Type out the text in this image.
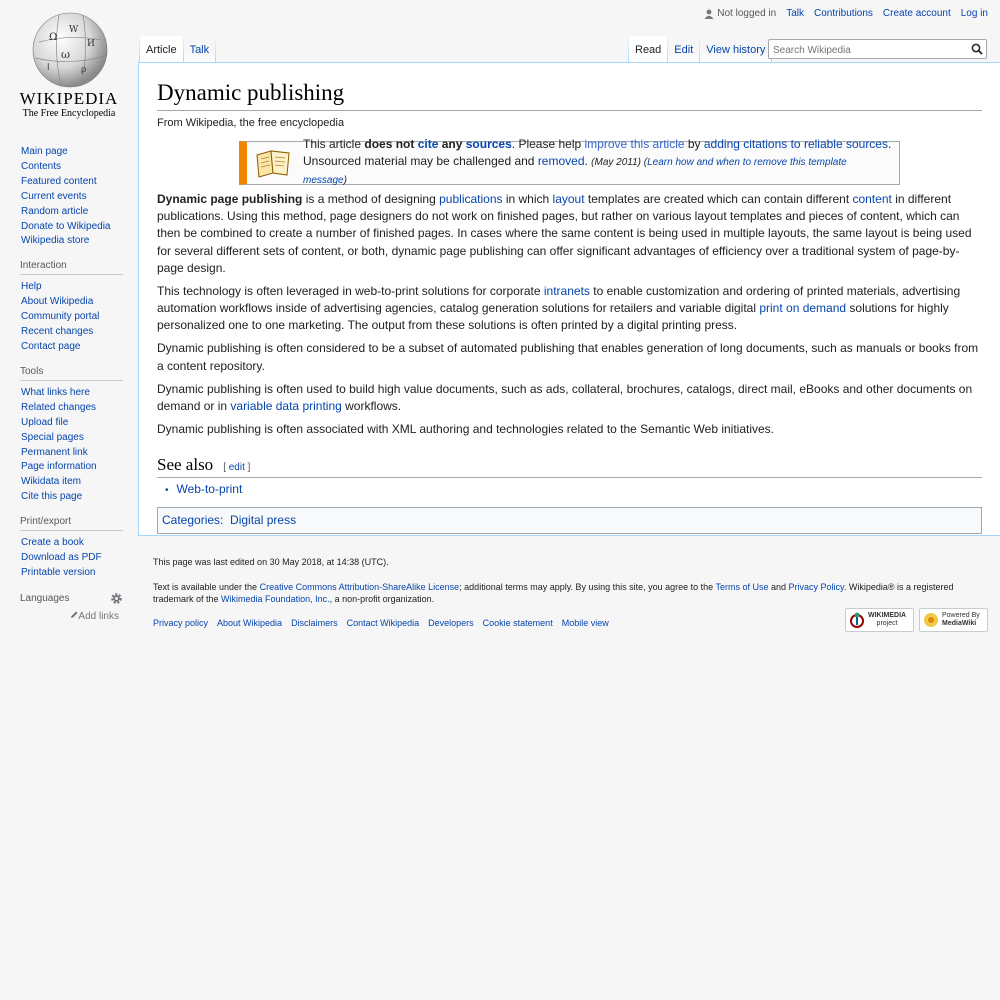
Ω
W
И
ω
ρ
ا
WIKIPEDIA
The Free Encyclopedia
Not logged in Talk Contributions Create account Log in
Article	Talk	Read	Edit	View history
Search Wikipedia
Dynamic publishing
From Wikipedia, the free encyclopedia
This article does not cite any sources. Please help improve this article by adding citations to reliable sources.
Unsourced material may be challenged and removed. (May 2011) (Learn how and when to remove this template message)

Dynamic page publishing is a method of designing publications in which layout templates are created which can contain different content in different publications. Using this method, page designers do not work on finished pages, but rather on various layout templates and pieces of content, which can then be combined to create a number of finished pages. In cases where the same content is being used in multiple layouts, the same layout is being used for several different sets of content, or both, dynamic page publishing can offer significant advantages of efficiency over a traditional system of page-by-page design.

This technology is often leveraged in web-to-print solutions for corporate intranets to enable customization and ordering of printed materials, advertising automation workflows inside of advertising agencies, catalog generation solutions for retailers and variable digital print on demand solutions for highly personalized one to one marketing. The output from these solutions is often printed by a digital printing press.

Dynamic publishing is often considered to be a subset of automated publishing that enables generation of long documents, such as manuals or books from a content repository.

Dynamic publishing is often used to build high value documents, such as ads, collateral, brochures, catalogs, direct mail, eBooks and other documents on demand or in variable data printing workflows.

Dynamic publishing is often associated with XML authoring and technologies related to the Semantic Web initiatives.

See also [ edit ]
• Web-to-print
Categories: Digital press
Main page
Contents
Featured content
Current events
Random article
Donate to Wikipedia
Wikipedia store
Interaction
Help
About Wikipedia
Community portal
Recent changes
Contact page
Tools
What links here
Related changes
Upload file
Special pages
Permanent link
Page information
Wikidata item
Cite this page
Print/export
Create a book
Download as PDF
Printable version
Languages
Add links

This page was last edited on 30 May 2018, at 14:38 (UTC).

Text is available under the Creative Commons Attribution-ShareAlike License; additional terms may apply. By using this site, you agree to the Terms of Use and Privacy Policy. Wikipedia® is a registered trademark of the Wikimedia Foundation, Inc., a non-profit organization.

Privacy policy About Wikipedia Disclaimers Contact Wikipedia Developers Cookie statement Mobile view
WIKIMEDIA
project
Powered By
MediaWiki
